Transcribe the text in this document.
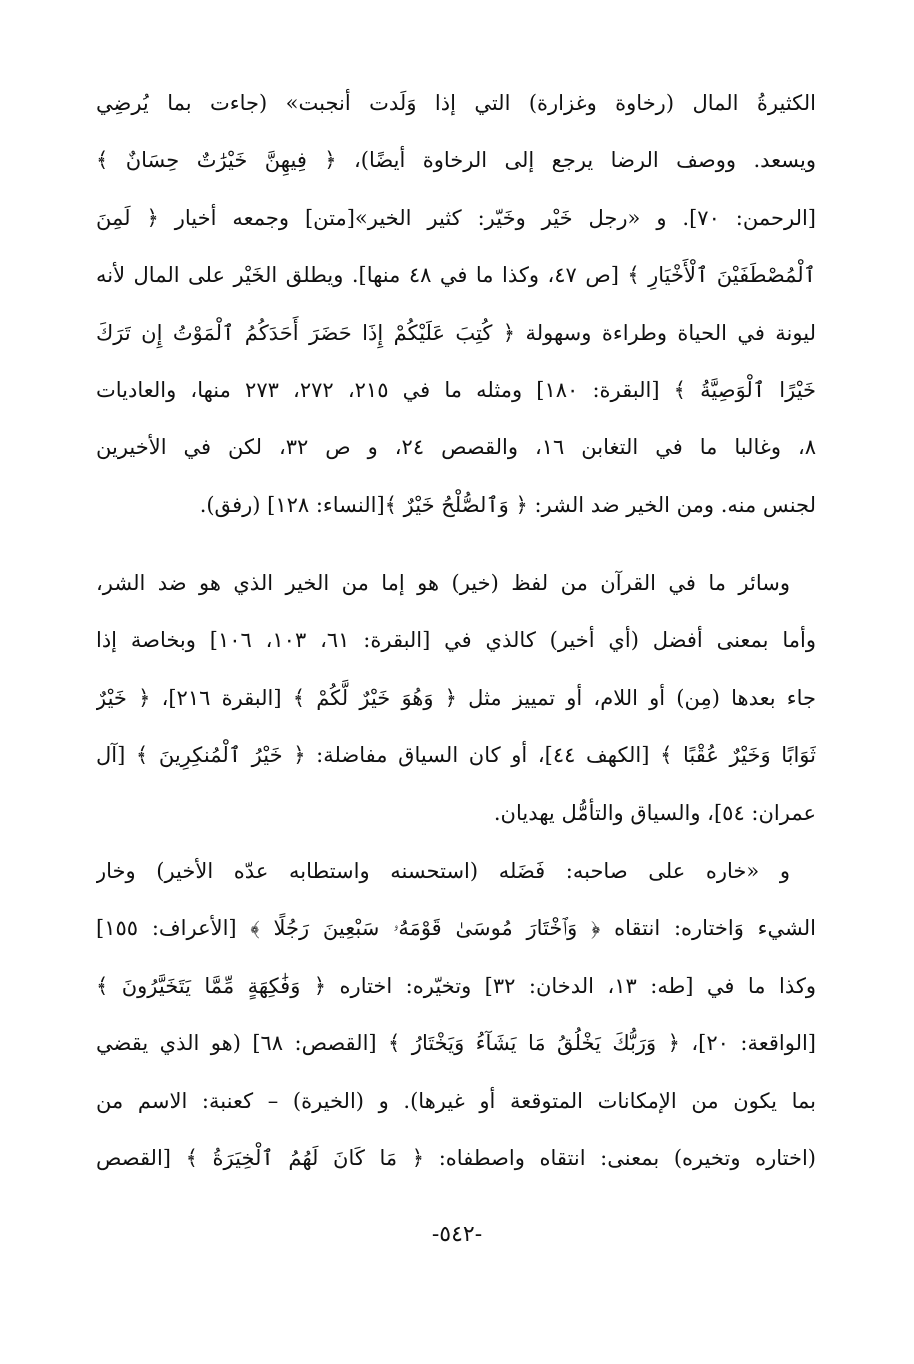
الكثيرةُ المال (رخاوة وغزارة) التي إذا وَلَدت أنجبت» (جاءت بما يُرضِي
ويسعد. ووصف الرضا يرجع إلى الرخاوة أيضًا)، ﴿ فِيهِنَّ خَيْرَٰتٌ حِسَانٌ ﴾
[الرحمن: ٧٠]. و «رجل خَيْر وخَيّر: كثير الخير»[متن] وجمعه أخيار ﴿ لَمِنَ
ٱلْمُصْطَفَيْنَ ٱلْأَخْيَارِ ﴾ [ص ٤٧، وكذا ما في ٤٨ منها]. ويطلق الخَيْر على المال لأنه
ليونة في الحياة وطراءة وسهولة ﴿ كُتِبَ عَلَيْكُمْ إِذَا حَضَرَ أَحَدَكُمُ ٱلْمَوْتُ إِن تَرَكَ
خَيْرًا ٱلْوَصِيَّةُ ﴾ [البقرة: ١٨٠] ومثله ما في ٢١٥، ٢٧٢، ٢٧٣ منها، والعاديات
٨، وغالبا ما في التغابن ١٦، والقصص ٢٤، و ص ٣٢، لكن في الأخيرين
لجنس منه. ومن الخير ضد الشر: ﴿ وَٱلصُّلْحُ خَيْرٌ ﴾[النساء: ١٢٨] (رفق).
وسائر ما في القرآن من لفظ (خير) هو إما من الخير الذي هو ضد الشر،
وأما بمعنى أفضل (أي أخير) كالذي في [البقرة: ٦١، ١٠٣، ١٠٦] وبخاصة إذا
جاء بعدها (مِن) أو اللام، أو تمييز مثل ﴿ وَهُوَ خَيْرٌ لَّكُمْ ﴾ [البقرة ٢١٦]، ﴿ خَيْرٌ
ثَوَابًا وَخَيْرٌ عُقْبًا ﴾ [الكهف ٤٤]، أو كان السياق مفاضلة: ﴿ خَيْرُ ٱلْمُنكِرِينَ ﴾ [آل
عمران: ٥٤]، والسياق والتأمُّل يهديان.
و «خاره على صاحبه: فَضَله (استحسنه واستطابه عدّه الأخير) وخار
الشيء وَاختاره: انتقاه ﴿ وَٱخْتَارَ مُوسَىٰ قَوْمَهُۥ سَبْعِينَ رَجُلًا ﴾ [الأعراف: ١٥٥]
وكذا ما في [طه: ١٣، الدخان: ٣٢] وتخيّره: اختاره ﴿ وَفَٰكِهَةٍ مِّمَّا يَتَخَيَّرُونَ ﴾
[الواقعة: ٢٠]، ﴿ وَرَبُّكَ يَخْلُقُ مَا يَشَآءُ وَيَخْتَارُ ﴾ [القصص: ٦٨] (هو الذي يقضي
بما يكون من الإمكانات المتوقعة أو غيرها). و (الخيرة) – كعنبة: الاسم من
(اختاره وتخيره) بمعنى: انتقاه واصطفاه: ﴿ مَا كَانَ لَهُمُ ٱلْخِيَرَةُ ﴾ [القصص
-٥٤٢-
